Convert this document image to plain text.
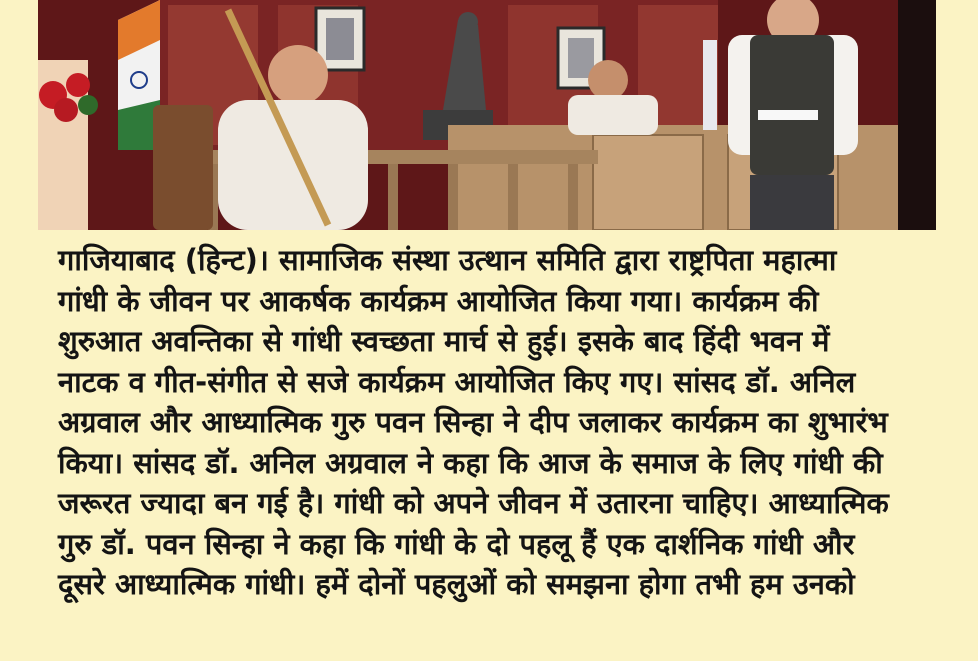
गाजियाबाद (हिन्ट)। सामाजिक संस्था उत्थान समिति द्वारा राष्ट्रपिता महात्मा

गांधी के जीवन पर आकर्षक कार्यक्रम आयोजित किया गया। कार्यक्रम की

शुरुआत अवन्तिका से गांधी स्वच्छता मार्च से हुई। इसके बाद हिंदी भवन में

नाटक व गीत-संगीत से सजे कार्यक्रम आयोजित किए गए। सांसद डॉ. अनिल

अग्रवाल और आध्यात्मिक गुरु पवन सिन्हा ने दीप जलाकर कार्यक्रम का शुभारंभ

किया। सांसद डॉ. अनिल अग्रवाल ने कहा कि आज के समाज के लिए गांधी की

जरूरत ज्यादा बन गई है। गांधी को अपने जीवन में उतारना चाहिए। आध्यात्मिक

गुरु डॉ. पवन सिन्हा ने कहा कि गांधी के दो पहलू हैं एक दार्शनिक गांधी और

दूसरे आध्यात्मिक गांधी। हमें दोनों पहलुओं को समझना होगा तभी हम उनको
